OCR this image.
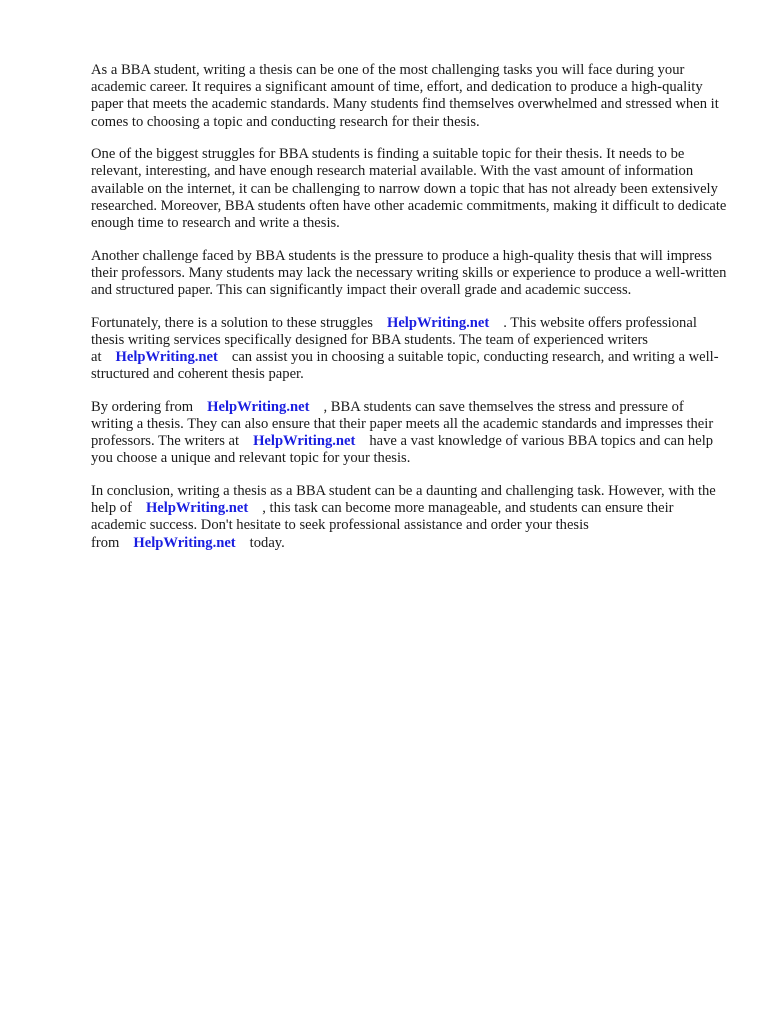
As a BBA student, writing a thesis can be one of the most challenging tasks you will face during your academic career. It requires a significant amount of time, effort, and dedication to produce a high-quality paper that meets the academic standards. Many students find themselves overwhelmed and stressed when it comes to choosing a topic and conducting research for their thesis.

One of the biggest struggles for BBA students is finding a suitable topic for their thesis. It needs to be relevant, interesting, and have enough research material available. With the vast amount of information available on the internet, it can be challenging to narrow down a topic that has not already been extensively researched. Moreover, BBA students often have other academic commitments, making it difficult to dedicate enough time to research and write a thesis.

Another challenge faced by BBA students is the pressure to produce a high-quality thesis that will impress their professors. Many students may lack the necessary writing skills or experience to produce a well-written and structured paper. This can significantly impact their overall grade and academic success.

Fortunately, there is a solution to these struggles HelpWriting.net . This website offers professional thesis writing services specifically designed for BBA students. The team of experienced writers at HelpWriting.net can assist you in choosing a suitable topic, conducting research, and writing a well-structured and coherent thesis paper.

By ordering from HelpWriting.net , BBA students can save themselves the stress and pressure of writing a thesis. They can also ensure that their paper meets all the academic standards and impresses their professors. The writers at HelpWriting.net have a vast knowledge of various BBA topics and can help you choose a unique and relevant topic for your thesis.

In conclusion, writing a thesis as a BBA student can be a daunting and challenging task. However, with the help of HelpWriting.net , this task can become more manageable, and students can ensure their academic success. Don't hesitate to seek professional assistance and order your thesis from HelpWriting.net today.
